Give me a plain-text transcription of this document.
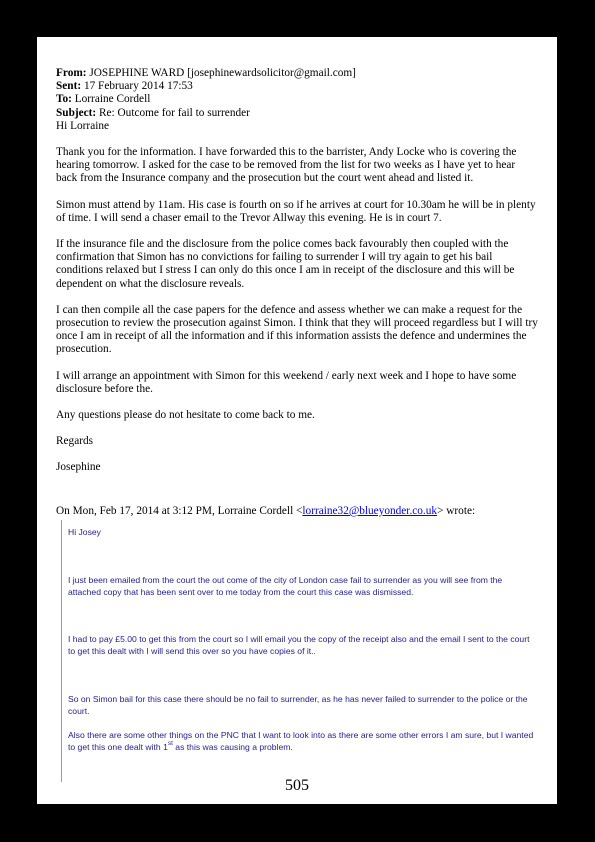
From: JOSEPHINE WARD [josephinewardsolicitor@gmail.com]
Sent: 17 February 2014 17:53
To: Lorraine Cordell
Subject: Re: Outcome for fail to surrender
Hi Lorraine

Thank you for the information. I have forwarded this to the barrister, Andy Locke who is covering the hearing tomorrow. I asked for the case to be removed from the list for two weeks as I have yet to hear back from the Insurance company and the prosecution but the court went ahead and listed it.

Simon must attend by 11am. His case is fourth on so if he arrives at court for 10.30am he will be in plenty of time. I will send a chaser email to the Trevor Allway this evening. He is in court 7.

If the insurance file and the disclosure from the police comes back favourably then coupled with the confirmation that Simon has no convictions for failing to surrender I will try again to get his bail conditions relaxed but I stress I can only do this once I am in receipt of the disclosure and this will be dependent on what the disclosure reveals.

I can then compile all the case papers for the defence and assess whether we can make a request for the prosecution to review the prosecution against Simon. I think that they will proceed regardless but I will try once I am in receipt of all the information and if this information assists the defence and undermines the prosecution.

I will arrange an appointment with Simon for this weekend / early next week and I hope to have some disclosure before the.

Any questions please do not hesitate to come back to me.

Regards

Josephine

On Mon, Feb 17, 2014 at 3:12 PM, Lorraine Cordell <lorraine32@blueyonder.co.uk> wrote:
Hi Josey
I just been emailed from the court the out come of the city of London case fail to surrender as you will see from the attached copy that has been sent over to me today from the court this case was dismissed.
I had to pay £5.00 to get this from the court so I will email you the copy of the receipt also and the email I sent to the court to get this dealt with I will send this over so you have copies of it..
So on Simon bail for this case there should be no fail to surrender, as he has never failed to surrender to the police or the court.
Also there are some other things on the PNC that I want to look into as there are some other errors I am sure, but I wanted to get this one dealt with 1st as this was causing a problem.
505
